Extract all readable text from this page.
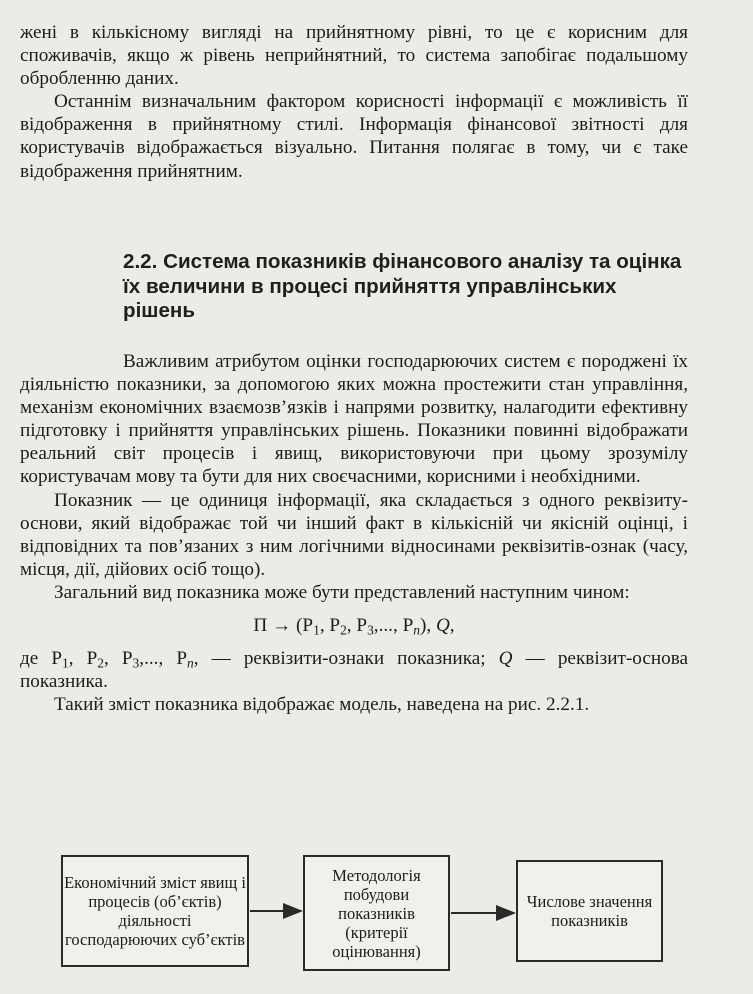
жені в кількісному вигляді на прийнятному рівні, то це є корисним для споживачів, якщо ж рівень неприйнятний, то система запобігає подальшому обробленню даних.

Останнім визначальним фактором корисності інформації є можливість її відображення в прийнятному стилі. Інформація фінансової звітності для користувачів відображається візуально. Питання полягає в тому, чи є таке відображення прийнятним.

2.2. Система показників фінансового аналізу та оцінка їх величини в процесі прийняття управлінських рішень

Важливим атрибутом оцінки господарюючих систем є породжені їх діяльністю показники, за допомогою яких можна простежити стан управління, механізм економічних взаємозв’язків і напрями розвитку, налагодити ефективну підготовку і прийняття управлінських рішень. Показники повинні відображати реальний світ процесів і явищ, використовуючи при цьому зрозумілу користувачам мову та бути для них своєчасними, корисними і необхідними.

Показник — це одиниця інформації, яка складається з одного реквізиту-основи, який відображає той чи інший факт в кількісній чи якісній оцінці, і відповідних та пов’язаних з ним логічними відносинами реквізитів-ознак (часу, місця, дії, дійових осіб тощо).

Загальний вид показника може бути представлений наступним чином:

$П \to (Р_1$, $Р_2$, $Р_3$,..., $Р_n$), Q,

де $Р_1$, $Р_2$, $Р_3$,..., $Р_n$, — реквізити-ознаки показника; Q — реквізит-основа показника.

Такий зміст показника відображає модель, наведена на рис. 2.2.1.

Економічний зміст явищ і процесів (об’єктів) діяльності господарюючих суб’єктів
Методологія побудови показників (критерії оцінювання)
Числове значення показників
